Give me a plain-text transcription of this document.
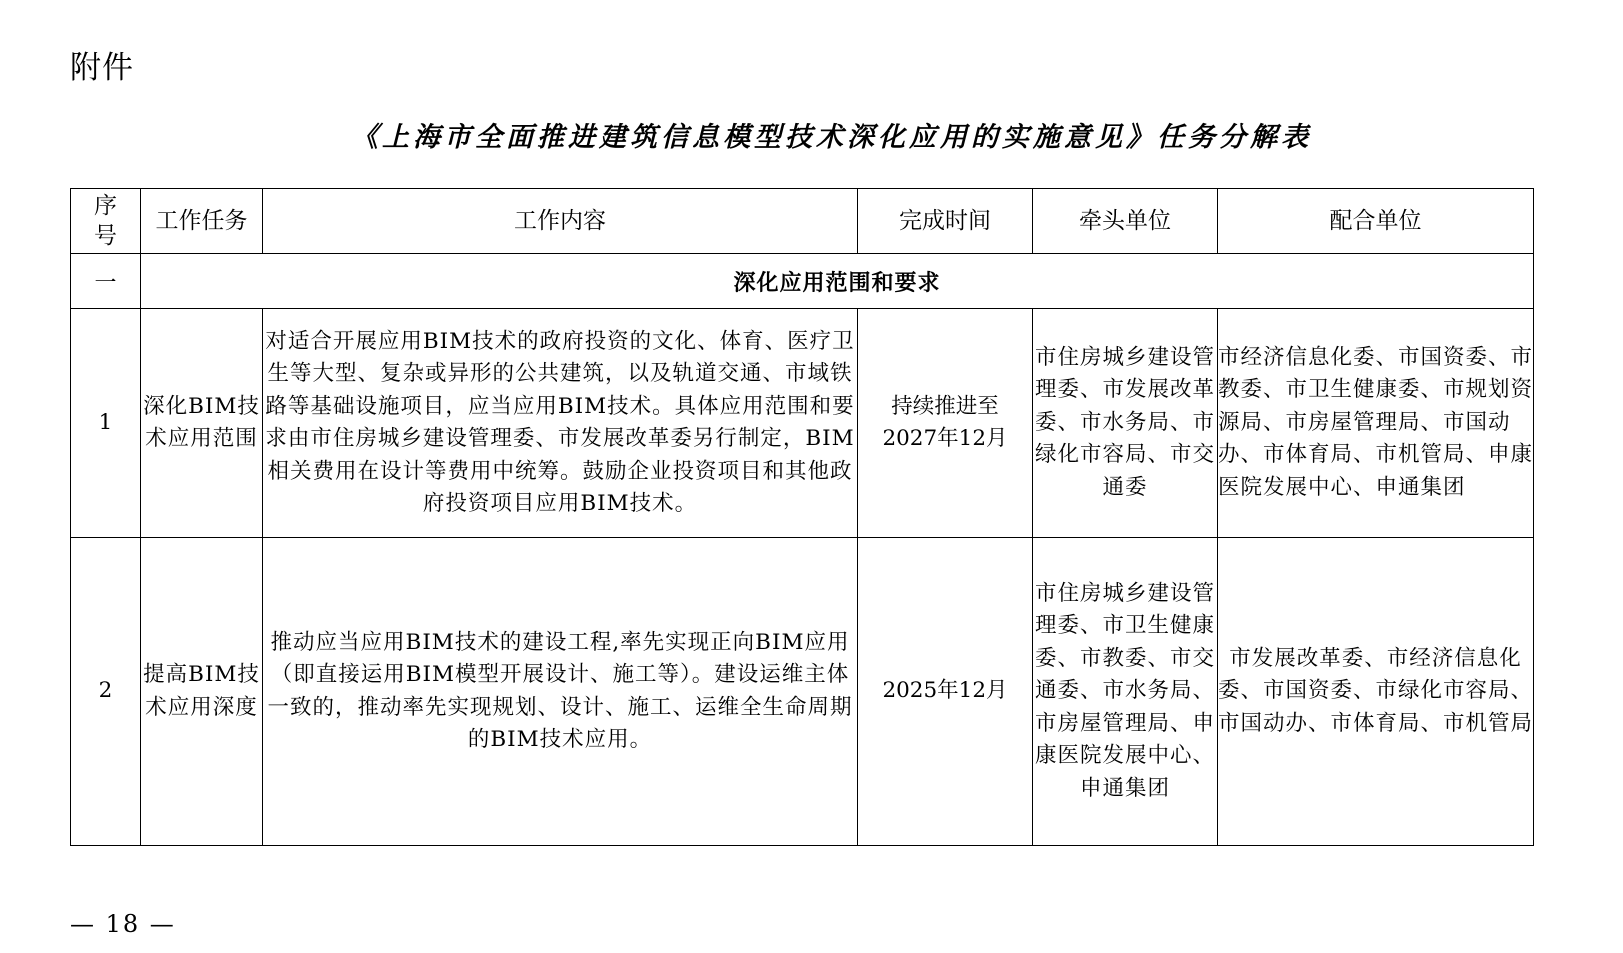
附件
《上海市全面推进建筑信息模型技术深化应用的实施意见》任务分解表
序号	工作任务	工作内容	完成时间	牵头单位	配合单位
一	深化应用范围和要求				
1	深化BIM技术应用范围	对适合开展应用BIM技术的政府投资的文化、体育、医疗卫生等大型、复杂或异形的公共建筑，以及轨道交通、市域铁路等基础设施项目，应当应用BIM技术。具体应用范围和要求由市住房城乡建设管理委、市发展改革委另行制定，BIM相关费用在设计等费用中统筹。鼓励企业投资项目和其他政府投资项目应用BIM技术。	持续推进至2027年12月	市住房城乡建设管理委、市发展改革委、市水务局、市绿化市容局、市交通委	市经济信息化委、市国资委、市教委、市卫生健康委、市规划资源局、市房屋管理局、市国动办、市体育局、市机管局、申康医院发展中心、申通集团
2	提高BIM技术应用深度	推动应当应用BIM技术的建设工程,率先实现正向BIM应用（即直接运用BIM模型开展设计、施工等）。建设运维主体一致的，推动率先实现规划、设计、施工、运维全生命周期的BIM技术应用。	2025年12月	市住房城乡建设管理委、市卫生健康委、市教委、市交通委、市水务局、市房屋管理局、申康医院发展中心、申通集团	市发展改革委、市经济信息化委、市国资委、市绿化市容局、市国动办、市体育局、市机管局
— 18 —
